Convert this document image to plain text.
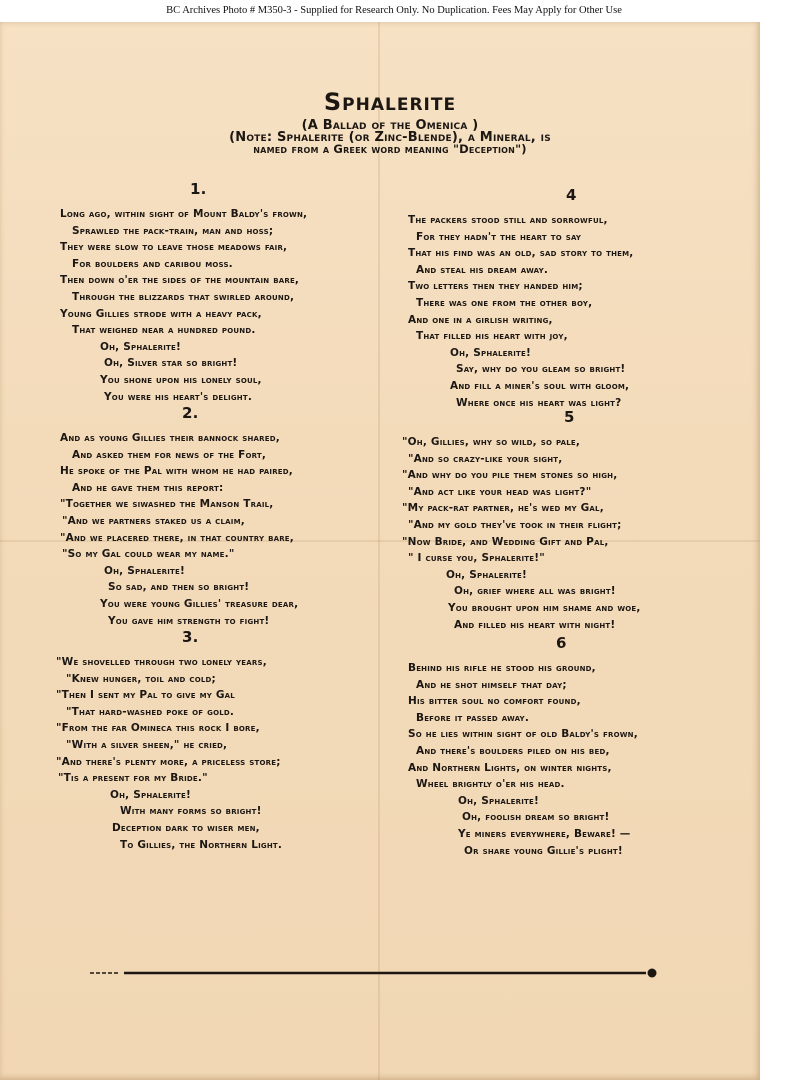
BC Archives Photo # M350-3 - Supplied for Research Only. No Duplication. Fees May Apply for Other Use
Sphalerite
(A Ballad of the Omenica )
(Note: Sphalerite (or Zinc-Blende), a Mineral, is
named from a Greek word meaning "Deception")
1.
Long ago, within sight of Mount Baldy's frown,
Sprawled the pack-train, man and hoss;
They were slow to leave those meadows fair,
For boulders and caribou moss.
Then down o'er the sides of the mountain bare,
Through the blizzards that swirled around,
Young Gillies strode with a heavy pack,
That weighed near a hundred pound.
Oh, Sphalerite!
Oh, Silver star so bright!
You shone upon his lonely soul,
You were his heart's delight.
2.
And as young Gillies their bannock shared,
And asked them for news of the Fort,
He spoke of the Pal with whom he had paired,
And he gave them this report:
"Together we siwashed the Manson Trail,
"And we partners staked us a claim,
"And we placered there, in that country bare,
"So my Gal could wear my name."
Oh, Sphalerite!
So sad, and then so bright!
You were young Gillies' treasure dear,
You gave him strength to fight!
3.
"We shovelled through two lonely years,
"Knew hunger, toil and cold;
"Then I sent my Pal to give my Gal
"That hard-washed poke of gold.
"From the far Omineca this rock I bore,
"With a silver sheen," he cried,
"And there's plenty more, a priceless store;
"Tis a present for my Bride."
Oh, Sphalerite!
With many forms so bright!
Deception dark to wiser men,
To Gillies, the Northern Light.
4
The packers stood still and sorrowful,
For they hadn't the heart to say
That his find was an old, sad story to them,
And steal his dream away.
Two letters then they handed him;
There was one from the other boy,
And one in a girlish writing,
That filled his heart with joy,
Oh, Sphalerite!
Say, why do you gleam so bright!
And fill a miner's soul with gloom,
Where once his heart was light?
5
"Oh, Gillies, why so wild, so pale,
"And so crazy-like your sight,
"And why do you pile them stones so high,
"And act like your head was light?"
"My pack-rat partner, he's wed my Gal,
"And my gold they've took in their flight;
"Now Bride, and Wedding Gift and Pal,
" I curse you, Sphalerite!"
Oh, Sphalerite!
Oh, grief where all was bright!
You brought upon him shame and woe,
And filled his heart with night!
6
Behind his rifle he stood his ground,
And he shot himself that day;
His bitter soul no comfort found,
Before it passed away.
So he lies within sight of old Baldy's frown,
And there's boulders piled on his bed,
And Northern Lights, on winter nights,
Wheel brightly o'er his head.
Oh, Sphalerite!
Oh, foolish dream so bright!
Ye miners everywhere, Beware! —
Or share young Gillie's plight!
